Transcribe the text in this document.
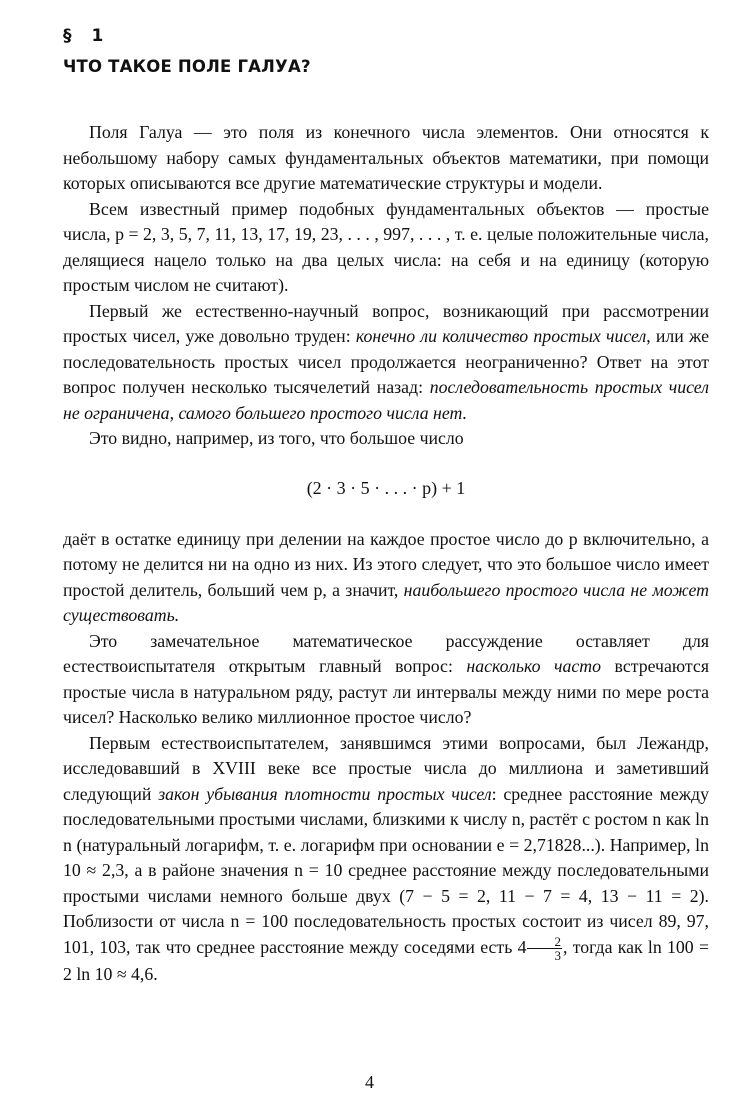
§ 1
ЧТО ТАКОЕ ПОЛЕ ГАЛУА?

Поля Галуа — это поля из конечного числа элементов. Они относятся к небольшому набору самых фундаментальных объектов математики, при помощи которых описываются все другие математические структуры и модели.

Всем известный пример подобных фундаментальных объектов — простые числа, p = 2, 3, 5, 7, 11, 13, 17, 19, 23, . . . , 997, . . . , т. е. целые положительные числа, делящиеся нацело только на два целых числа: на себя и на единицу (которую простым числом не считают).

Первый же естественно-научный вопрос, возникающий при рассмотрении простых чисел, уже довольно труден: конечно ли количество простых чисел, или же последовательность простых чисел продолжается неограниченно? Ответ на этот вопрос получен несколько тысячелетий назад: последовательность простых чисел не ограничена, самого большего простого числа нет.

Это видно, например, из того, что большое число

(2 · 3 · 5 · . . . · p) + 1

даёт в остатке единицу при делении на каждое простое число до p включительно, а потому не делится ни на одно из них. Из этого следует, что это большое число имеет простой делитель, больший чем p, а значит, наибольшего простого числа не может существовать.

Это замечательное математическое рассуждение оставляет для естествоиспытателя открытым главный вопрос: насколько часто встречаются простые числа в натуральном ряду, растут ли интервалы между ними по мере роста чисел? Насколько велико миллионное простое число?

Первым естествоиспытателем, занявшимся этими вопросами, был Лежандр, исследовавший в XVIII веке все простые числа до миллиона и заметивший следующий закон убывания плотности простых чисел: среднее расстояние между последовательными простыми числами, близкими к числу n, растёт с ростом n как ln n (натуральный логарифм, т. е. логарифм при основании e = 2,71828...). Например, ln 10 ≈ 2,3, а в районе значения n = 10 среднее расстояние между последовательными простыми числами немного больше двух (7 − 5 = 2, 11 − 7 = 4, 13 − 11 = 2). Поблизости от числа n = 100 последовательность простых состоит из чисел 89, 97, 101, 103, так что среднее расстояние между соседями есть $4 \frac{2}{3}$ , тогда как ln 100 = 2 ln 10 ≈ 4,6.

4
